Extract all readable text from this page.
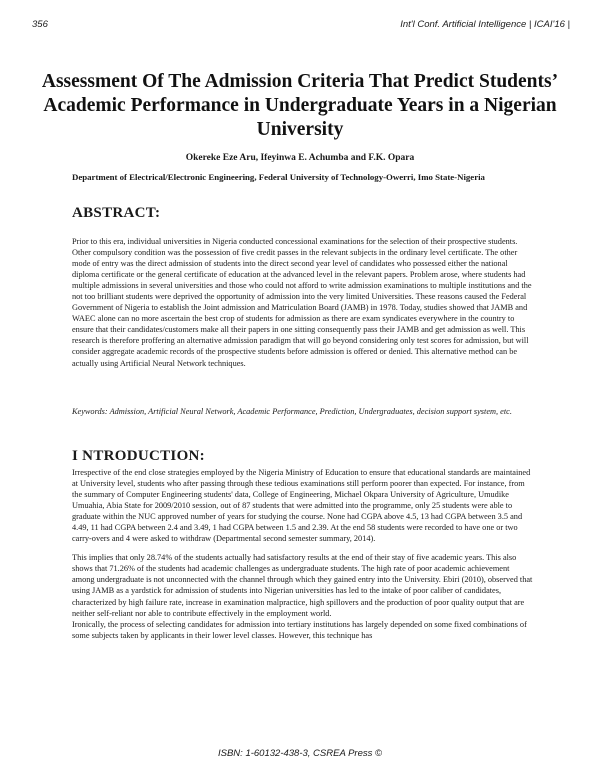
356	Int'l Conf. Artificial Intelligence | ICAI'16 |
Assessment Of The Admission Criteria That Predict Students’ Academic Performance in Undergraduate Years in a Nigerian University
Okereke Eze Aru, Ifeyinwa E. Achumba and F.K. Opara
Department of Electrical/Electronic Engineering, Federal University of Technology-Owerri, Imo State-Nigeria
ABSTRACT:
Prior to this era, individual universities in Nigeria conducted concessional examinations for the selection of their prospective students. Other compulsory condition was the possession of five credit passes in the relevant subjects in the ordinary level certificate. The other mode of entry was the direct admission of students into the direct second year level of candidates who possessed either the national diploma certificate or the general certificate of education at the advanced level in the relevant papers. Problem arose, where students had multiple admissions in several universities and those who could not afford to write admission examinations to multiple institutions and the not too brilliant students were deprived the opportunity of admission into the very limited Universities. These reasons caused the Federal Government of Nigeria to establish the Joint admission and Matriculation Board (JAMB) in 1978. Today, studies showed that JAMB and WAEC alone can no more ascertain the best crop of students for admission as there are exam syndicates everywhere in the country to ensure that their candidates/customers make all their papers in one sitting consequently pass their JAMB and get admission as well. This research is therefore proffering an alternative admission paradigm that will go beyond considering only test scores for admission, but will consider aggregate academic records of the prospective students before admission is offered or denied. This alternative method can be actually using Artificial Neural Network techniques.
Keywords: Admission, Artificial Neural Network, Academic Performance, Prediction, Undergraduates, decision support system, etc.
I NTRODUCTION:

Irrespective of the end close strategies employed by the Nigeria Ministry of Education to ensure that educational standards are maintained at University level, students who after passing through these tedious examinations still perform poorer than expected. For instance, from the summary of Computer Engineering students' data, College of Engineering, Michael Okpara University of Agriculture, Umudike Umuahia, Abia State for 2009/2010 session, out of 87 students that were admitted into the programme, only 25 students were able to graduate within the NUC approved number of years for studying the course. None had CGPA above 4.5, 13 had CGPA between 3.5 and 4.49, 11 had CGPA between 2.4 and 3.49, 1 had CGPA between 1.5 and 2.39. At the end 58 students were recorded to have one or two carry-overs and 4 were asked to withdraw (Departmental second semester summary, 2014).

This implies that only 28.74% of the students actually had satisfactory results at the end of their stay of five academic years. This also shows that 71.26% of the students had academic challenges as undergraduate students. The high rate of poor academic achievement among undergraduate is not unconnected with the channel through which they gained entry into the University. Ebiri (2010), observed that using JAMB as a yardstick for admission of students into Nigerian universities has led to the intake of poor caliber of candidates, characterized by high failure rate, increase in examination malpractice, high spillovers and the production of poor quality output that are neither self-reliant nor able to contribute effectively in the employment world.

Ironically, the process of selecting candidates for admission into tertiary institutions has largely depended on some fixed combinations of some subjects taken by applicants in their lower level classes. However, this technique has

ISBN: 1-60132-438-3, CSREA Press ©
